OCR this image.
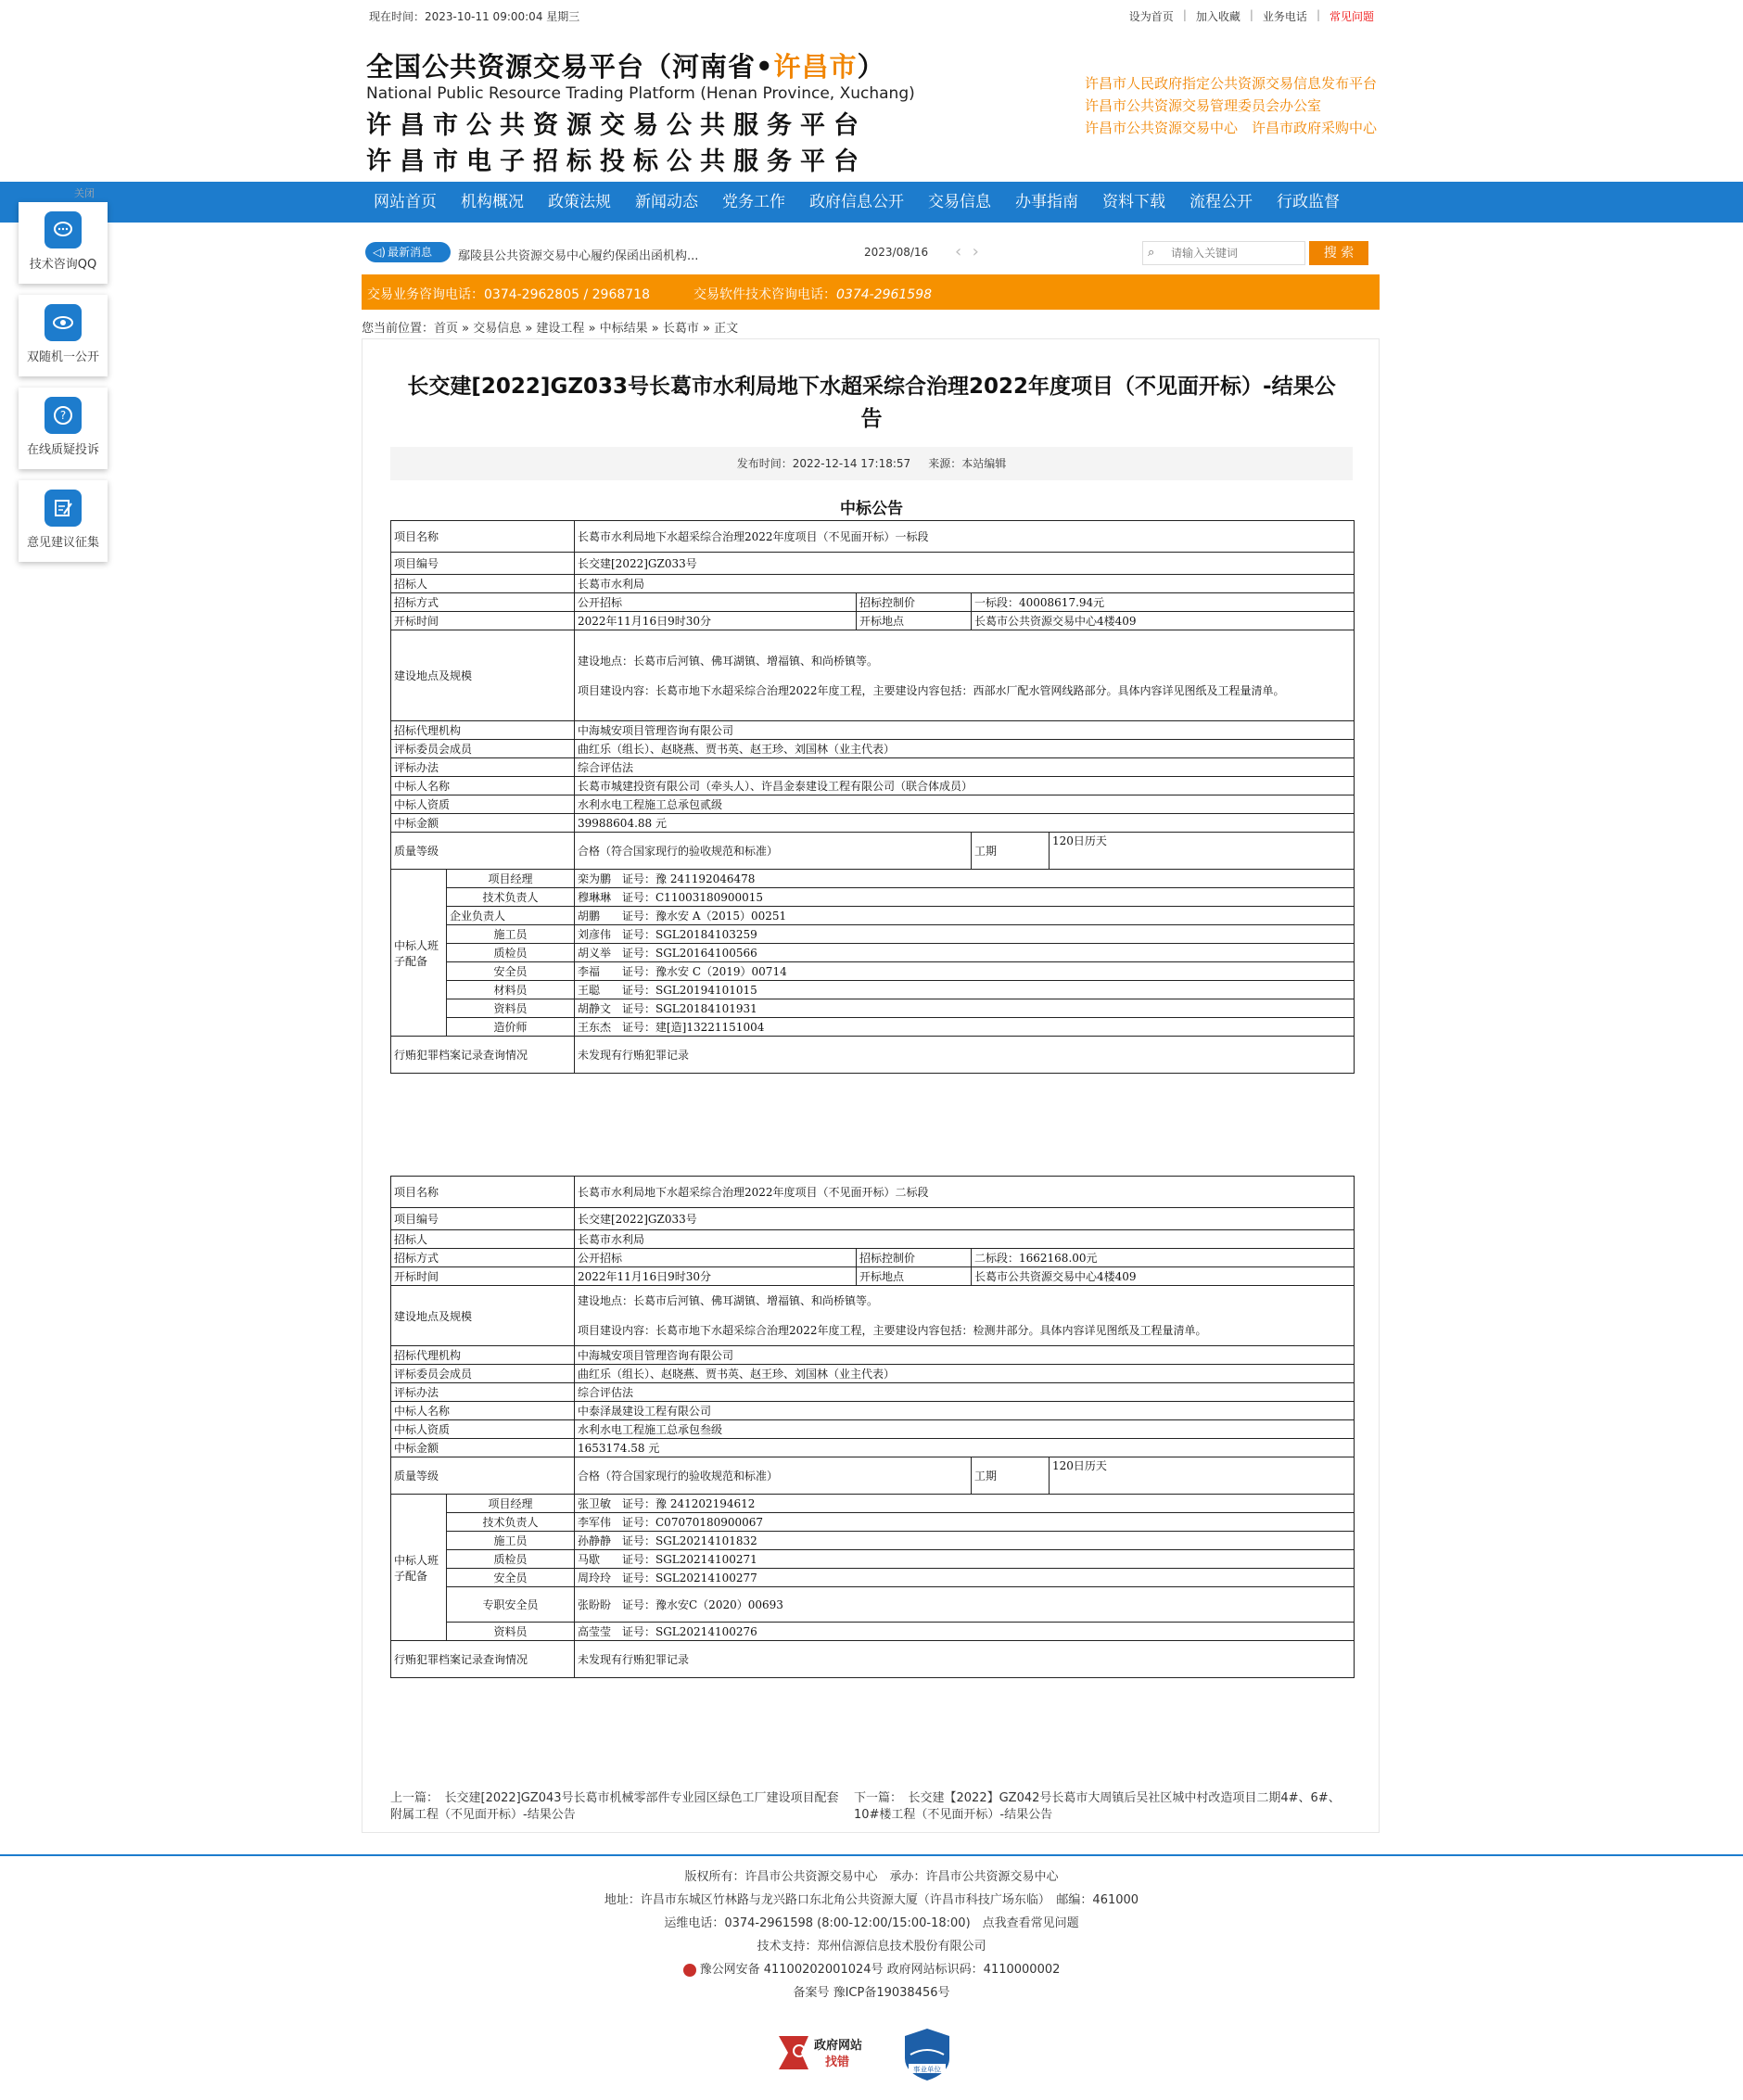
现在时间：2023-10-11 09:00:04 星期三	设为首页 | 加入收藏 | 业务电话 | 常见问题
全国公共资源交易平台（河南省•许昌市）
National Public Resource Trading Platform (Henan Province, Xuchang)
许昌市公共资源交易公共服务平台
许昌市电子招标投标公共服务平台
许昌市人民政府指定公共资源交易信息发布平台
许昌市公共资源交易管理委员会办公室
许昌市公共资源交易中心　许昌市政府采购中心
网站首页	机构概况	政策法规	新闻动态	党务工作	政府信息公开	交易信息	办事指南	资料下载	流程公开	行政监督
关闭
技术咨询QQ
双随机一公开
?
在线质疑投诉
意见建议征集
◁) 最新消息	鄢陵县公共资源交易中心履约保函出函机构...	2023/08/16 ‹ ›	⌕
请输入关键词	搜 索
交易业务咨询电话：0374-2962805 / 2968718	交易软件技术咨询电话：0374-2961598
您当前位置：首页 » 交易信息 » 建设工程 » 中标结果 » 长葛市 » 正文
长交建[2022]GZ033号长葛市水利局地下水超采综合治理2022年度项目（不见面开标）-结果公告
发布时间：2022-12-14 17:18:57 来源：本站编辑
中标公告
项目名称		长葛市水利局地下水超采综合治理2022年度项目（不见面开标）一标段			
项目编号		长交建[2022]GZ033号			
招标人		长葛市水利局			
招标方式		公开招标	招标控制价	一标段：40008617.94元	
开标时间		2022年11月16日9时30分	开标地点	长葛市公共资源交易中心4楼409	
建设地点及规模		建设地点：长葛市后河镇、佛耳湖镇、增福镇、和尚桥镇等。

项目建设内容：长葛市地下水超采综合治理2022年度工程，主要建设内容包括：西部水厂配水管网线路部分。具体内容详见图纸及工程量清单。			

招标代理机构		中海城安项目管理咨询有限公司			
评标委员会成员		曲红乐（组长）、赵晓燕、贾书英、赵王珍、刘国林（业主代表）			
评标办法		综合评估法			
中标人名称		长葛市城建投资有限公司（牵头人）、许昌金泰建设工程有限公司（联合体成员）			
中标人资质		水利水电工程施工总承包贰级			
中标金额		39988604.88 元			
质量等级		合格（符合国家现行的验收规范和标准）		工期	120日历天
中标人班子配备	项目经理	栾为鹏　证号：豫 241192046478			
	技术负责人	穆琳琳　证号：C11003180900015			
	企业负责人	胡鹏　　证号：豫水安 A（2015）00251			
	施工员	刘彦伟　证号：SGL20184103259			
	质检员	胡义举　证号：SGL20164100566			
	安全员	李福　　证号：豫水安 C（2019）00714			
	材料员	王聪　　证号：SGL20194101015			
	资料员	胡静文　证号：SGL20184101931			
	造价师	王东杰　证号：建[造]13221151004			
行贿犯罪档案记录查询情况		未发现有行贿犯罪记录			
项目名称		长葛市水利局地下水超采综合治理2022年度项目（不见面开标）二标段			
项目编号		长交建[2022]GZ033号			
招标人		长葛市水利局			
招标方式		公开招标	招标控制价	二标段：1662168.00元	
开标时间		2022年11月16日9时30分	开标地点	长葛市公共资源交易中心4楼409	
建设地点及规模		建设地点：长葛市后河镇、佛耳湖镇、增福镇、和尚桥镇等。

项目建设内容：长葛市地下水超采综合治理2022年度工程，主要建设内容包括：检测井部分。具体内容详见图纸及工程量清单。			

招标代理机构		中海城安项目管理咨询有限公司			
评标委员会成员		曲红乐（组长）、赵晓燕、贾书英、赵王珍、刘国林（业主代表）			
评标办法		综合评估法			
中标人名称		中泰泽晟建设工程有限公司			
中标人资质		水利水电工程施工总承包叁级			
中标金额		1653174.58 元			
质量等级		合格（符合国家现行的验收规范和标准）		工期	120日历天
中标人班子配备	项目经理	张卫敏　证号：豫 241202194612			
	技术负责人	李军伟　证号：C07070180900067			
	施工员	孙静静　证号：SGL20214101832			
	质检员	马歇　　证号：SGL20214100271			
	安全员	周玲玲　证号：SGL20214100277			
	专职安全员	张盼盼　证号：豫水安C（2020）00693			
	资料员	高莹莹　证号：SGL20214100276			
行贿犯罪档案记录查询情况		未发现有行贿犯罪记录			
上一篇：　长交建[2022]GZ043号长葛市机械零部件专业园区绿色工厂建设项目配套附属工程（不见面开标）-结果公告
下一篇：　长交建【2022】GZ042号长葛市大周镇后吴社区城中村改造项目二期4#、6#、10#楼工程（不见面开标）-结果公告

版权所有：许昌市公共资源交易中心　承办：许昌市公共资源交易中心

地址：许昌市东城区竹林路与龙兴路口东北角公共资源大厦（许昌市科技广场东临）　邮编：461000

运维电话：0374-2961598 (8:00-12:00/15:00-18:00)　点我查看常见问题

技术支持：郑州信源信息技术股份有限公司

豫公网安备 41100202001024号 政府网站标识码：4110000002

备案号 豫ICP备19038456号

政府网站
找错	事业单位
